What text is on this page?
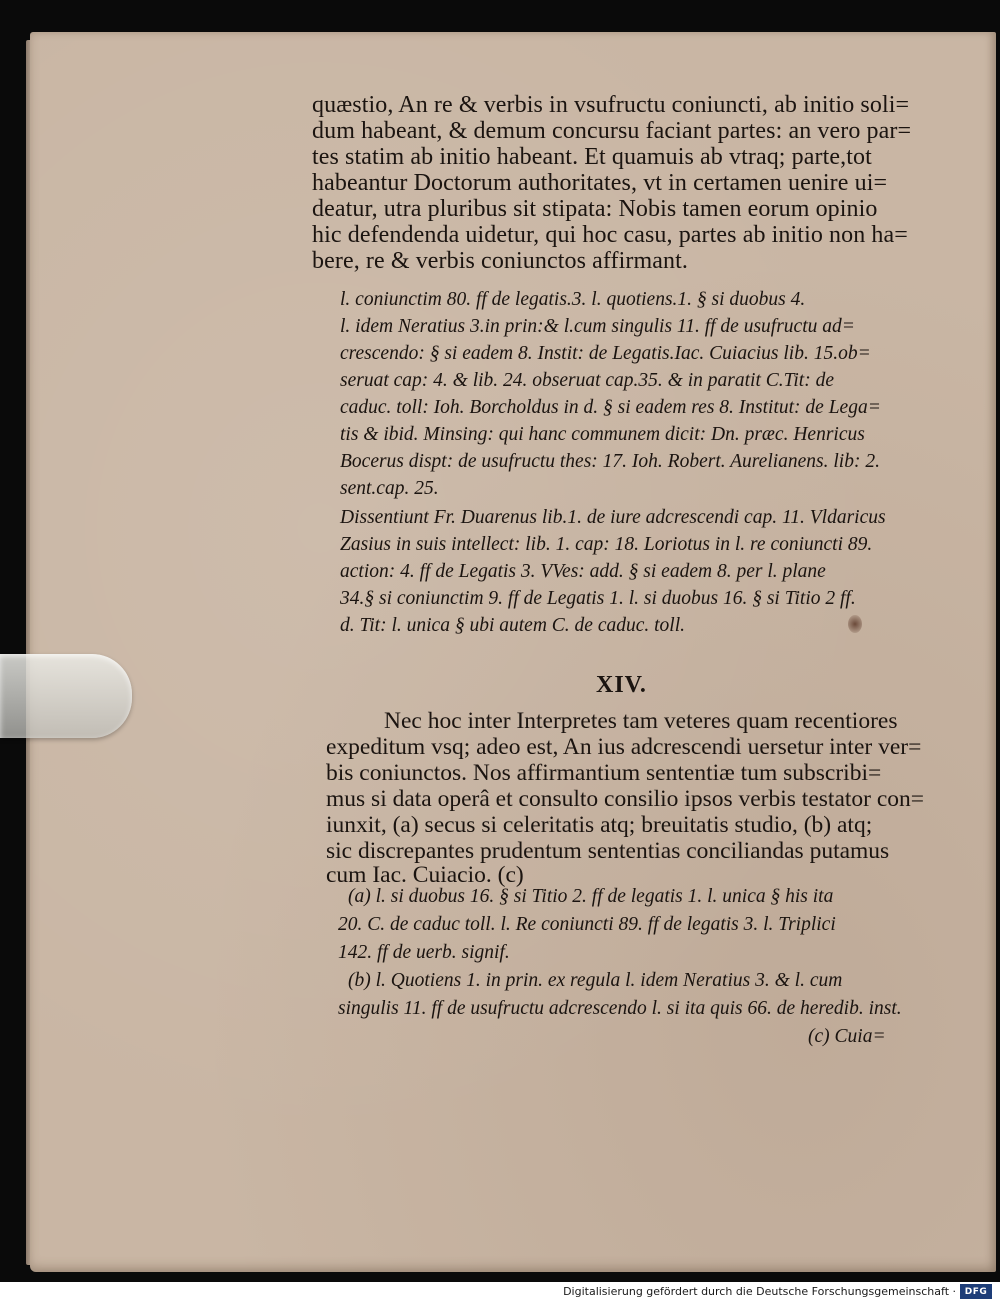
quæstio, An re & verbis in vsufructu coniuncti, ab initio soli=
dum habeant, & demum concursu faciant partes: an vero par=
tes statim ab initio habeant. Et quamuis ab vtraq; parte,tot
habeantur Doctorum authoritates, vt in certamen uenire ui=
deatur, utra pluribus sit stipata: Nobis tamen eorum opinio
hic defendenda uidetur, qui hoc casu, partes ab initio non ha=
bere, re & verbis coniunctos affirmant.
l. coniunctim 80. ff de legatis.3. l. quotiens.1. § si duobus 4.
l. idem Neratius 3.in prin:& l.cum singulis 11. ff de usufructu ad=
crescendo: § si eadem 8. Instit: de Legatis.Iac. Cuiacius lib. 15.ob=
seruat cap: 4. & lib. 24. obseruat cap.35. & in paratit C.Tit: de
caduc. toll: Ioh. Borcholdus in d. § si eadem res 8. Institut: de Lega=
tis & ibid. Minsing: qui hanc communem dicit: Dn. præc. Henricus
Bocerus dispt: de usufructu thes: 17. Ioh. Robert. Aurelianens. lib: 2.
sent.cap. 25.
Dissentiunt Fr. Duarenus lib.1. de iure adcrescendi cap. 11. Vldaricus
Zasius in suis intellect: lib. 1. cap: 18. Loriotus in l. re coniuncti 89.
action: 4. ff de Legatis 3. VVes: add. § si eadem 8. per l. plane
34.§ si coniunctim 9. ff de Legatis 1. l. si duobus 16. § si Titio 2 ff.
d. Tit: l. unica § ubi autem C. de caduc. toll.
XIV.
Nec hoc inter Interpretes tam veteres quam recentiores
expeditum vsq; adeo est, An ius adcrescendi uersetur inter ver=
bis coniunctos. Nos affirmantium sententiæ tum subscribi=
mus si data operâ et consulto consilio ipsos verbis testator con=
iunxit, (a) secus si celeritatis atq; breuitatis studio, (b) atq;
sic discrepantes prudentum sententias conciliandas putamus
cum Iac. Cuiacio. (c)
(a) l. si duobus 16. § si Titio 2. ff de legatis 1. l. unica § his ita
20. C. de caduc toll. l. Re coniuncti 89. ff de legatis 3. l. Triplici
142. ff de uerb. signif.
(b) l. Quotiens 1. in prin. ex regula l. idem Neratius 3. & l. cum
singulis 11. ff de usufructu adcrescendo l. si ita quis 66. de heredib. inst.
(c) Cuia=
Digitalisierung gefördert durch die Deutsche Forschungsgemeinschaft · DFG
